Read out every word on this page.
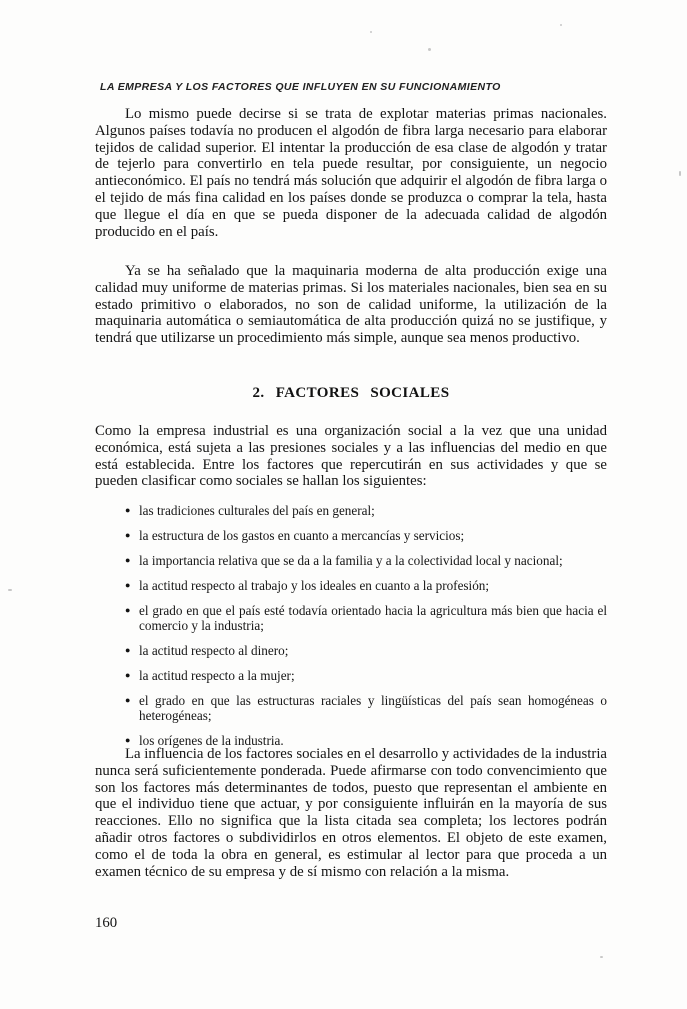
LA EMPRESA Y LOS FACTORES QUE INFLUYEN EN SU FUNCIONAMIENTO

Lo mismo puede decirse si se trata de explotar materias primas nacionales. Algunos países todavía no producen el algodón de fibra larga necesario para elaborar tejidos de calidad superior. El intentar la producción de esa clase de algodón y tratar de tejerlo para convertirlo en tela puede resultar, por consiguiente, un negocio antieconómico. El país no tendrá más solución que adquirir el algodón de fibra larga o el tejido de más fina calidad en los países donde se produzca o comprar la tela, hasta que llegue el día en que se pueda disponer de la adecuada calidad de algodón producido en el país.

Ya se ha señalado que la maquinaria moderna de alta producción exige una calidad muy uniforme de materias primas. Si los materiales nacionales, bien sea en su estado primitivo o elaborados, no son de calidad uniforme, la utilización de la maquinaria automática o semiautomática de alta producción quizá no se justifique, y tendrá que utilizarse un procedimiento más simple, aunque sea menos productivo.

2. FACTORES SOCIALES

Como la empresa industrial es una organización social a la vez que una unidad económica, está sujeta a las presiones sociales y a las influencias del medio en que está establecida. Entre los factores que repercutirán en sus actividades y que se pueden clasificar como sociales se hallan los siguientes:

● las tradiciones culturales del país en general;
● la estructura de los gastos en cuanto a mercancías y servicios;
● la importancia relativa que se da a la familia y a la colectividad local y nacional;
● la actitud respecto al trabajo y los ideales en cuanto a la profesión;
● el grado en que el país esté todavía orientado hacia la agricultura más bien que hacia el comercio y la industria;
● la actitud respecto al dinero;
● la actitud respecto a la mujer;
● el grado en que las estructuras raciales y lingüísticas del país sean homogéneas o heterogéneas;
● los orígenes de la industria.

La influencia de los factores sociales en el desarrollo y actividades de la industria nunca será suficientemente ponderada. Puede afirmarse con todo convencimiento que son los factores más determinantes de todos, puesto que representan el ambiente en que el individuo tiene que actuar, y por consiguiente influirán en la mayoría de sus reacciones. Ello no significa que la lista citada sea completa; los lectores podrán añadir otros factores o subdividirlos en otros elementos. El objeto de este examen, como el de toda la obra en general, es estimular al lector para que proceda a un examen técnico de su empresa y de sí mismo con relación a la misma.

160
